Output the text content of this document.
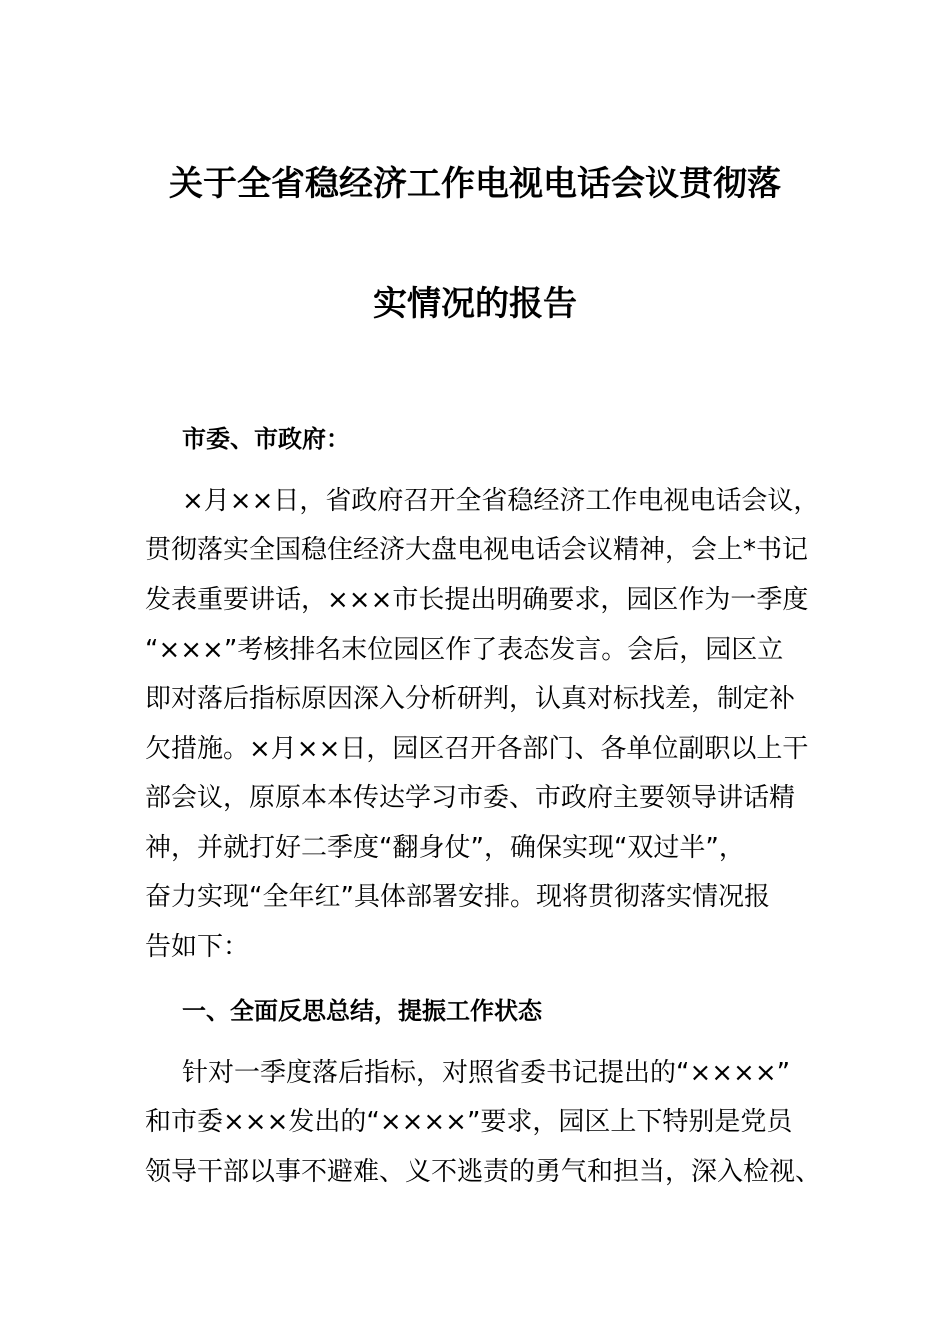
关于全省稳经济工作电视电话会议贯彻落
实情况的报告
市委、市政府：
×月××日，省政府召开全省稳经济工作电视电话会议，
贯彻落实全国稳住经济大盘电视电话会议精神，会上*书记
发表重要讲话，×××市长提出明确要求，园区作为一季度
“×××”考核排名末位园区作了表态发言。会后，园区立
即对落后指标原因深入分析研判，认真对标找差，制定补
欠措施。×月××日，园区召开各部门、各单位副职以上干
部会议，原原本本传达学习市委、市政府主要领导讲话精
神，并就打好二季度“翻身仗”，确保实现“双过半”，
奋力实现“全年红”具体部署安排。现将贯彻落实情况报
告如下：
一、全面反思总结，提振工作状态
针对一季度落后指标，对照省委书记提出的“××××”
和市委×××发出的“××××”要求，园区上下特别是党员
领导干部以事不避难、义不逃责的勇气和担当，深入检视、
